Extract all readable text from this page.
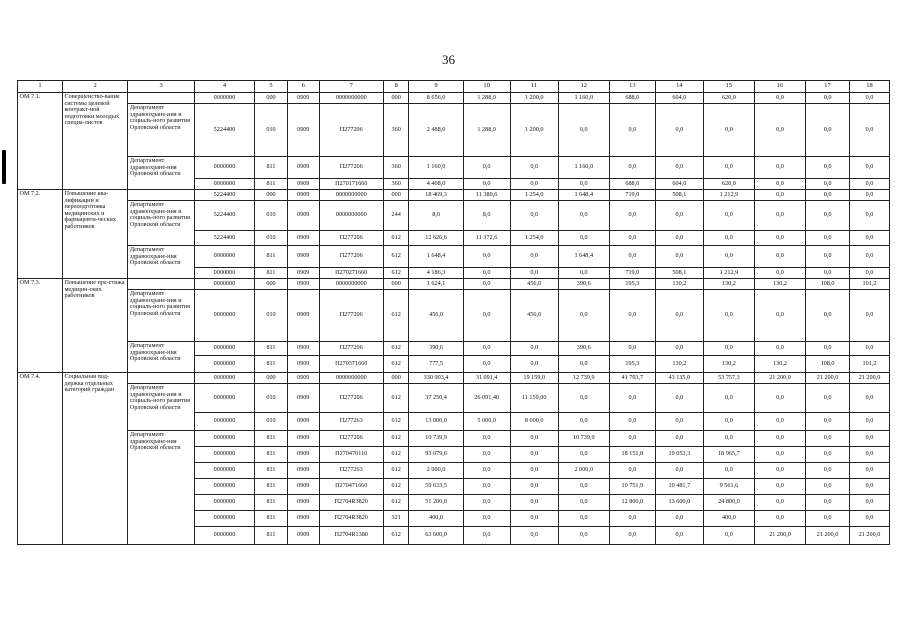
36
1	2	3	4	5	6	7	8	9	10	11	12	13	14	15	16	17	18
ОМ 7.1.	Совершенство-вание системы целевой контракт-ной подготовки молодых специа-листов		0000000	000	0909	0000000000	000	8 656,0	1 288,0	1 200,0	1 160,0	688,0	604,0	620,0	0,0	0,0	0,0
		Департамент здравоохране-ния и социаль-ного развития Орловской области	5224400	010	0909	П277206	360	2 488,0	1 288,0	1 200,0	0,0	0,0	0,0	0,0	0,0	0,0	0,0
		Департамент здравоохране-ния Орловской области	0000000	811	0909	П277206	360	1 160,0	0,0	0,0	1 160,0	0,0	0,0	0,0	0,0	0,0	0,0
			0000000	811	0909	П270171660	360	4 408,0	0,0	0,0	0,0	688,0	604,0	620,0	0,0	0,0	0,0
ОМ 7.2.	Повышение ква-лификации и переподготовка медицинских и фармацевти-ческих работников		5224400	000	0909	0000000000	000	18 469,3	11 380,6	1 254,0	1 648,4	719,0	508,1	1 212,9	0,0	0,0	0,0
		Департамент здравоохране-ния и социаль-ного развития Орловской области	5224400	010	0909	0000000000	244	8,0	8,0	0,0	0,0	0,0	0,0	0,0	0,0	0,0	0,0
			5224400	010	0909	П277206	612	12 626,6	11 372,6	1 254,0	0,0	0,0	0,0	0,0	0,0	0,0	0,0
		Департамент здравоохране-ния Орловской области	0000000	811	0909	П277206	612	1 648,4	0,0	0,0	1 648,4	0,0	0,0	0,0	0,0	0,0	0,0
			0000000	811	0909	П270271660	612	4 186,3	0,0	0,0	0,0	719,0	508,1	1 212,9	0,0	0,0	0,0
ОМ 7.3.	Повышение пре-стижа медицин-ских работников		0000000	000	0909	0000000000	000	1 624,1	0,0	456,0	390,6	195,3	130,2	130,2	130,2	108,0	101,2
		Департамент здравоохране-ния и социаль-ного развития Орловской области	0000000	010	0909	П277206	612	456,0	0,0	456,0	0,0	0,0	0,0	0,0	0,0	0,0	0,0
		Департамент здравоохране-ния Орловской области	0000000	811	0909	П277206	612	390,6	0,0	0,0	390,6	0,0	0,0	0,0	0,0	0,0	0,0
			0000000	811	0909	П270371660	612	777,5	0,0	0,0	0,0	195,3	130,2	130,2	130,2	108,0	101,2
ОМ 7.4.	Социальная под-держка отдельных категорий граждан		0000000	000	0909	0000000000	000	330 903,4	31 091,4	19 159,0	12 739,9	41 703,7	43 135,0	53 757,3	21 200,0	21 200,0	21 200,0
		Департамент здравоохране-ния и социаль-ного развития Орловской области	0000000	010	0909	П277206	612	37 250,4	26 091,40	11 159,00	0,0	0,0	0,0	0,0	0,0	0,0	0,0
			0000000	010	0909	П277263	612	13 000,0	5 000,0	8 000,0	0,0	0,0	0,0	0,0	0,0	0,0	0,0
		Департамент здравоохране-ния Орловской области	0000000	811	0909	П277206	612	10 739,9	0,0	0,0	10 739,9	0,0	0,0	0,0	0,0	0,0	0,0
			0000000	811	0909	П270470110	612	93 079,6	0,0	0,0	0,0	18 151,8	19 053,3	18 965,7	0,0	0,0	0,0
			0000000	811	0909	П277263	612	2 000,0	0,0	0,0	2 000,0	0,0	0,0	0,0	0,0	0,0	0,0
			0000000	811	0909	П270471660	612	59 633,5	0,0	0,0	0,0	10 751,9	10 481,7	9 561,6	0,0	0,0	0,0
			0000000	811	0909	П2704R3820	612	51 200,0	0,0	0,0	0,0	12 800,0	13 600,0	24 800,0	0,0	0,0	0,0
			0000000	811	0909	П2704R3820	321	400,0	0,0	0,0	0,0	0,0	0,0	400,0	0,0	0,0	0,0
			0000000	811	0909	П2704R1380	612	63 600,0	0,0	0,0	0,0	0,0	0,0	0,0	21 200,0	21 200,0	21 200,0
